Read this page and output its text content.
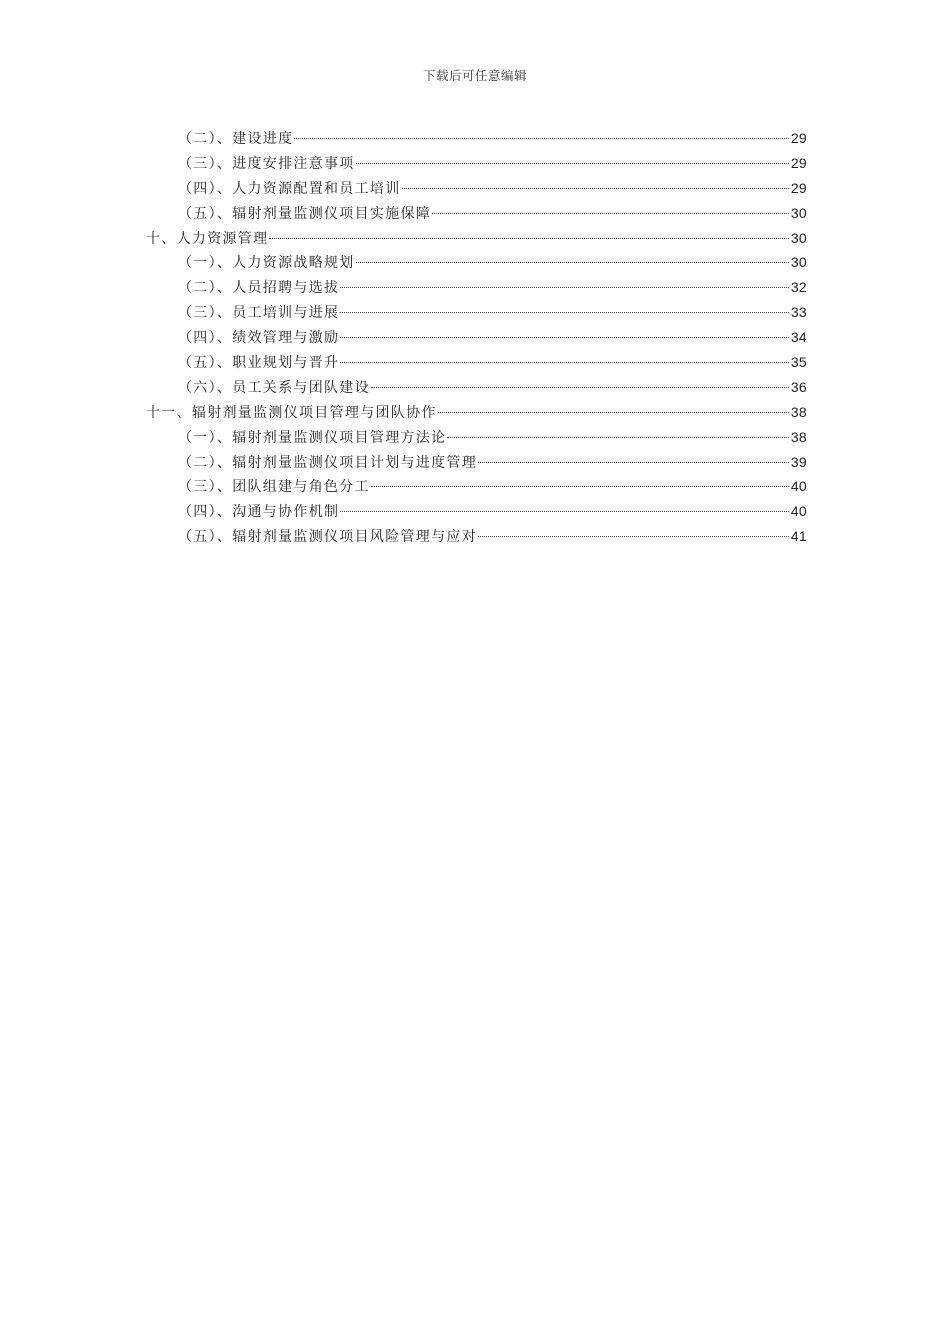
下载后可任意编辑
（二）、建设进度	29
（三）、进度安排注意事项	29
（四）、人力资源配置和员工培训	29
（五）、辐射剂量监测仪项目实施保障	30
十、人力资源管理	30
（一）、人力资源战略规划	30
（二）、人员招聘与选拔	32
（三）、员工培训与进展	33
（四）、绩效管理与激励	34
（五）、职业规划与晋升	35
（六）、员工关系与团队建设	36
十一、辐射剂量监测仪项目管理与团队协作	38
（一）、辐射剂量监测仪项目管理方法论	38
（二）、辐射剂量监测仪项目计划与进度管理	39
（三）、团队组建与角色分工	40
（四）、沟通与协作机制	40
（五）、辐射剂量监测仪项目风险管理与应对	41
